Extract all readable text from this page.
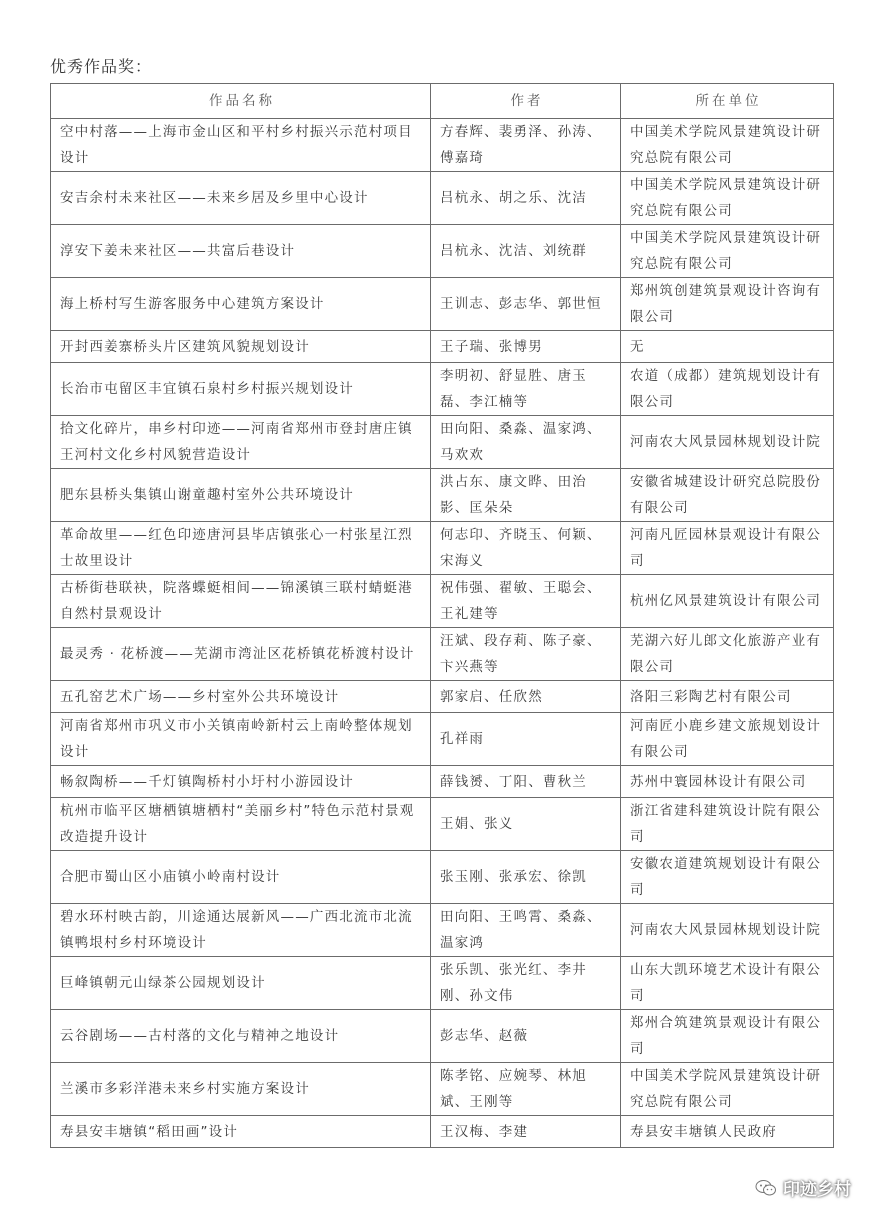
优秀作品奖：
作品名称	作者	所在单位
空中村落——上海市金山区和平村乡村振兴示范村项目设计	方春辉、裴勇泽、孙涛、傅嘉琦	中国美术学院风景建筑设计研究总院有限公司
安吉余村未来社区——未来乡居及乡里中心设计	吕杭永、胡之乐、沈洁	中国美术学院风景建筑设计研究总院有限公司
淳安下姜未来社区——共富后巷设计	吕杭永、沈洁、刘统群	中国美术学院风景建筑设计研究总院有限公司
海上桥村写生游客服务中心建筑方案设计	王训志、彭志华、郭世恒	郑州筑创建筑景观设计咨询有限公司
开封西姜寨桥头片区建筑风貌规划设计	王子瑞、张博男	无
长治市屯留区丰宜镇石泉村乡村振兴规划设计	李明初、舒显胜、唐玉磊、李江楠等	农道（成都）建筑规划设计有限公司
拾文化碎片，串乡村印迹——河南省郑州市登封唐庄镇王河村文化乡村风貌营造设计	田向阳、桑淼、温家鸿、马欢欢	河南农大风景园林规划设计院
肥东县桥头集镇山谢童趣村室外公共环境设计	洪占东、康文晔、田治影、匡朵朵	安徽省城建设计研究总院股份有限公司
革命故里——红色印迹唐河县毕店镇张心一村张星江烈士故里设计	何志印、齐晓玉、何颖、宋海义	河南凡匠园林景观设计有限公司
古桥街巷联袂，院落蝶蜓相间——锦溪镇三联村蜻蜓港自然村景观设计	祝伟强、翟敏、王聪会、王礼建等	杭州亿风景建筑设计有限公司
最灵秀 · 花桥渡——芜湖市湾沚区花桥镇花桥渡村设计	汪斌、段存莉、陈子豪、卞兴燕等	芜湖六好儿郎文化旅游产业有限公司
五孔窑艺术广场——乡村室外公共环境设计	郭家启、任欣然	洛阳三彩陶艺村有限公司
河南省郑州市巩义市小关镇南岭新村云上南岭整体规划设计	孔祥雨	河南匠小鹿乡建文旅规划设计有限公司
畅叙陶桥——千灯镇陶桥村小圩村小游园设计	薛钱赟、丁阳、曹秋兰	苏州中寰园林设计有限公司
杭州市临平区塘栖镇塘栖村“美丽乡村”特色示范村景观改造提升设计	王娟、张义	浙江省建科建筑设计院有限公司
合肥市蜀山区小庙镇小岭南村设计	张玉刚、张承宏、徐凯	安徽农道建筑规划设计有限公司
碧水环村映古韵，川途通达展新风——广西北流市北流镇鸭垠村乡村环境设计	田向阳、王鸣霄、桑淼、温家鸿	河南农大风景园林规划设计院
巨峰镇朝元山绿茶公园规划设计	张乐凯、张光红、李井刚、孙文伟	山东大凯环境艺术设计有限公司
云谷剧场——古村落的文化与精神之地设计	彭志华、赵薇	郑州合筑建筑景观设计有限公司
兰溪市多彩洋港未来乡村实施方案设计	陈孝铭、应婉琴、林旭斌、王刚等	中国美术学院风景建筑设计研究总院有限公司
寿县安丰塘镇“稻田画”设计	王汉梅、李建	寿县安丰塘镇人民政府
印迹乡村
